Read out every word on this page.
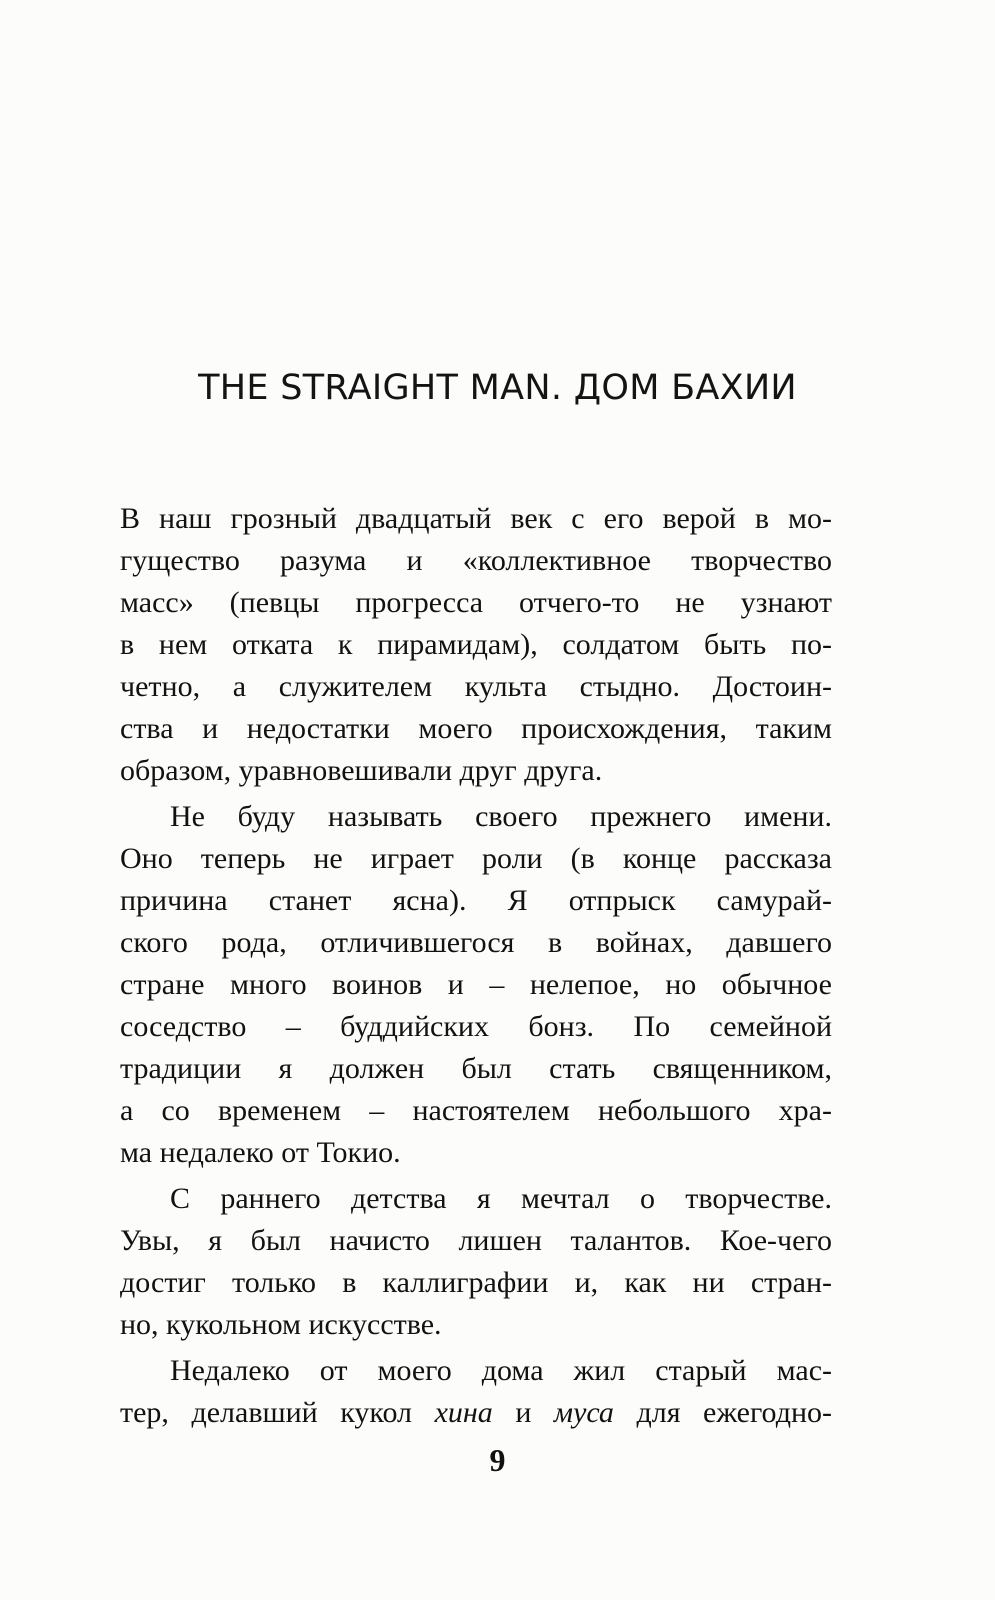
THE STRAIGHT MAN. ДОМ БАХИИ

В наш грозный двадцатый век с его верой в мо-

гущество разума и «коллективное творчество

масс» (певцы прогресса отчего-то не узнают

в нем отката к пирамидам), солдатом быть по-

четно, а служителем культа стыдно. Достоин-

ства и недостатки моего происхождения, таким

образом, уравновешивали друг друга.

Не буду называть своего прежнего имени.

Оно теперь не играет роли (в конце рассказа

причина станет ясна). Я отпрыск самурай-

ского рода, отличившегося в войнах, давшего

стране много воинов и – нелепое, но обычное

соседство – буддийских бонз. По семейной

традиции я должен был стать священником,

а со временем – настоятелем небольшого хра-

ма недалеко от Токио.

С раннего детства я мечтал о творчестве.

Увы, я был начисто лишен талантов. Кое-чего

достиг только в каллиграфии и, как ни стран-

но, кукольном искусстве.

Недалеко от моего дома жил старый мас-

тер, делавший кукол хина и муса для ежегодно-

9
